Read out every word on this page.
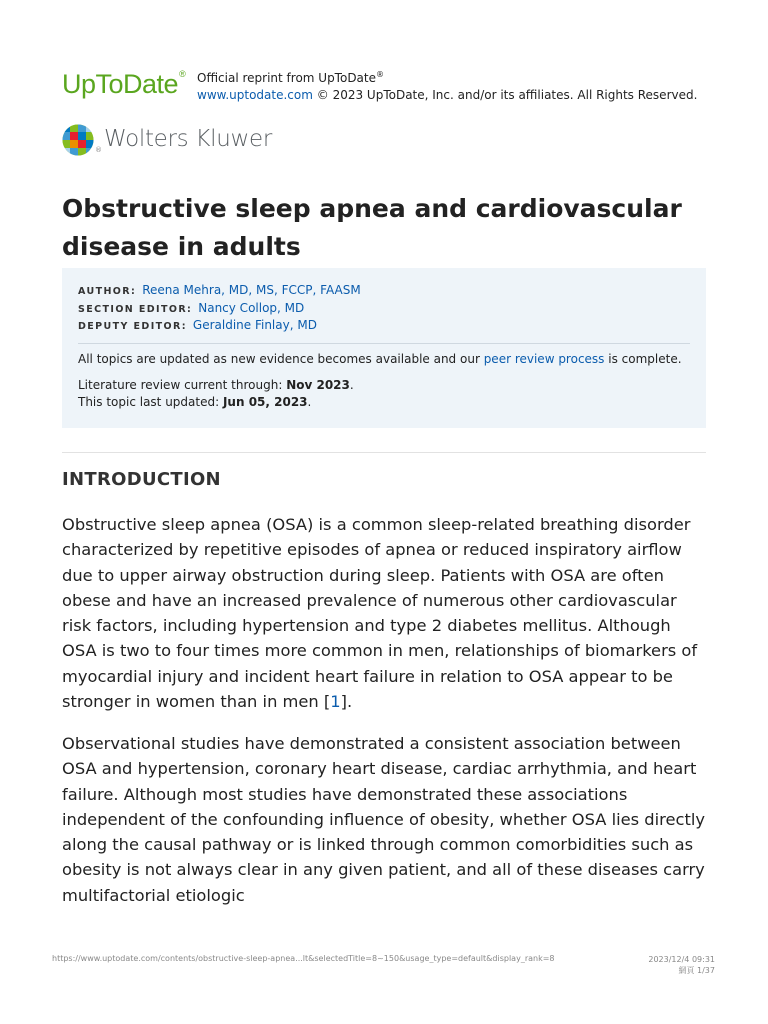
UpToDate® Official reprint from UpToDate®
www.uptodate.com © 2023 UpToDate, Inc. and/or its affiliates. All Rights Reserved.
® Wolters Kluwer
Obstructive sleep apnea and cardiovascular disease in adults
AUTHOR: Reena Mehra, MD, MS, FCCP, FAASM
SECTION EDITOR: Nancy Collop, MD
DEPUTY EDITOR: Geraldine Finlay, MD
All topics are updated as new evidence becomes available and our peer review process is complete.
Literature review current through: Nov 2023.
This topic last updated: Jun 05, 2023.
INTRODUCTION

Obstructive sleep apnea (OSA) is a common sleep-related breathing disorder characterized by repetitive episodes of apnea or reduced inspiratory airflow due to upper airway obstruction during sleep. Patients with OSA are often obese and have an increased prevalence of numerous other cardiovascular risk factors, including hypertension and type 2 diabetes mellitus. Although OSA is two to four times more common in men, relationships of biomarkers of myocardial injury and incident heart failure in relation to OSA appear to be stronger in women than in men [1].

Observational studies have demonstrated a consistent association between OSA and hypertension, coronary heart disease, cardiac arrhythmia, and heart failure. Although most studies have demonstrated these associations independent of the confounding influence of obesity, whether OSA lies directly along the causal pathway or is linked through common comorbidities such as obesity is not always clear in any given patient, and all of these diseases carry multifactorial etiologic

https://www.uptodate.com/contents/obstructive-sleep-apnea...lt&selectedTitle=8~150&usage_type=default&display_rank=8	2023/12/4 09:31
網頁 1/37
